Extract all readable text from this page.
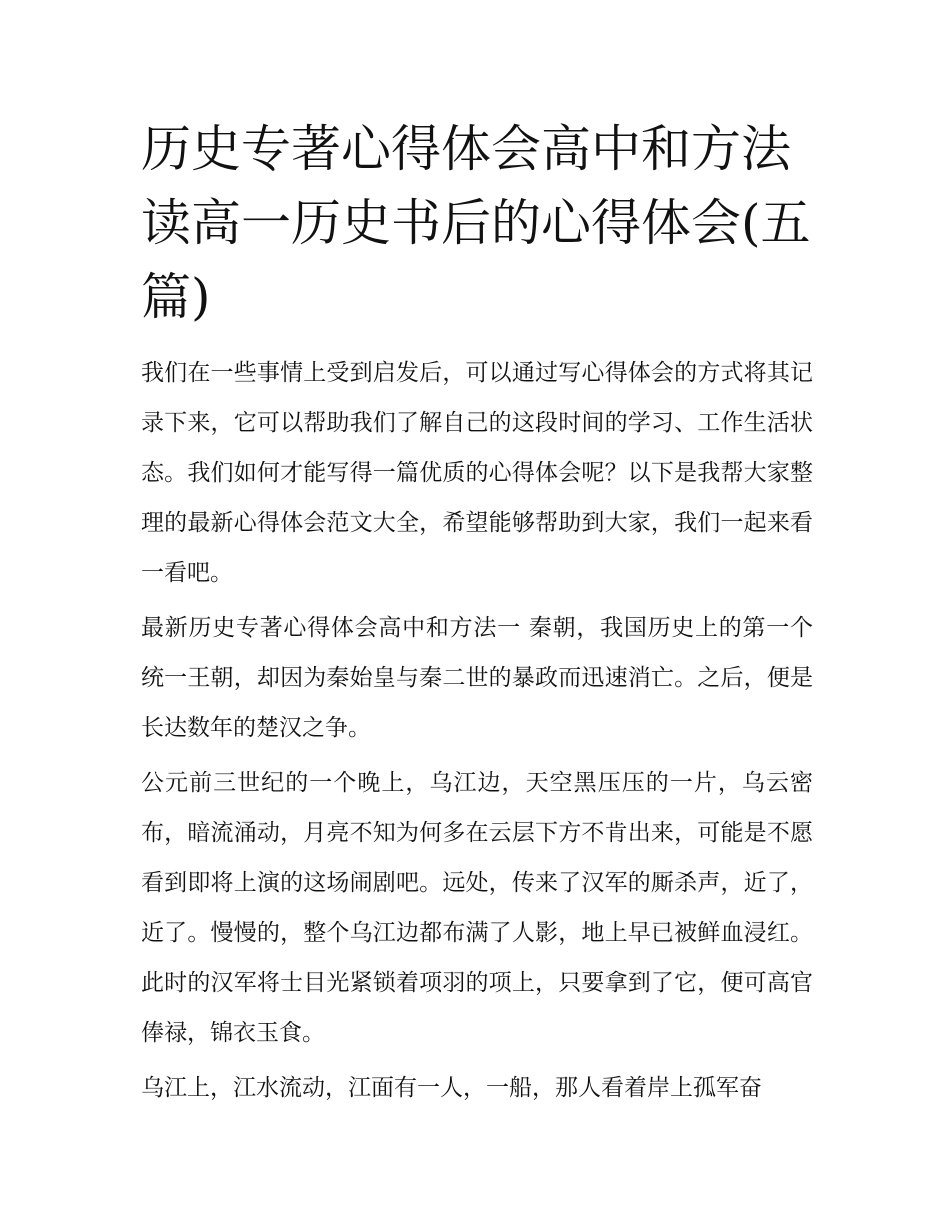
历史专著心得体会高中和方法读高一历史书后的心得体会(五篇)

我们在一些事情上受到启发后，可以通过写心得体会的方式将其记录下来，它可以帮助我们了解自己的这段时间的学习、工作生活状态。我们如何才能写得一篇优质的心得体会呢？以下是我帮大家整理的最新心得体会范文大全，希望能够帮助到大家，我们一起来看一看吧。

最新历史专著心得体会高中和方法一 秦朝，我国历史上的第一个统一王朝，却因为秦始皇与秦二世的暴政而迅速消亡。之后，便是长达数年的楚汉之争。

公元前三世纪的一个晚上，乌江边，天空黑压压的一片，乌云密布，暗流涌动，月亮不知为何多在云层下方不肯出来，可能是不愿看到即将上演的这场闹剧吧。远处，传来了汉军的厮杀声，近了，近了。慢慢的，整个乌江边都布满了人影，地上早已被鲜血浸红。此时的汉军将士目光紧锁着项羽的项上，只要拿到了它，便可高官俸禄，锦衣玉食。

乌江上，江水流动，江面有一人，一船，那人看着岸上孤军奋
